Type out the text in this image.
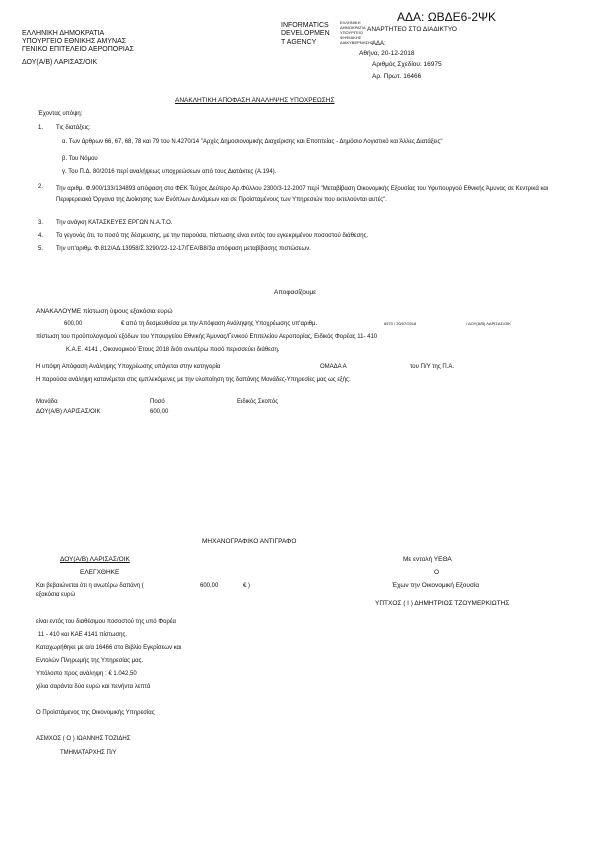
ΕΛΛΗΝΙΚΗ ΔΗΜΟΚΡΑΤΙΑ
ΥΠΟΥΡΓΕΙΟ ΕΘΝΙΚΗΣ ΑΜΥΝΑΣ
ΓΕΝΙΚΟ ΕΠΙΤΕΛΕΙΟ ΑΕΡΟΠΟΡΙΑΣ
ΔΟΥ(Α/Β) ΛΑΡΙΣΑΣ/ΟΙΚ
ΑΔΑ: ΩΒΔΕ6-2ΨΚ
INFORMATICS
DEVELOPMEN
T AGENCY
ΕΛΛΗΝΙΚΗ
ΔΗΜΟΚΡΑΤΙΑ
ΥΠΟΥΡΓΕΙΟ
ΨΗΦΙΑΚΗΣ
ΔΙΑΚΥΒΕΡΝΗΣΗΣ
ΑΝΑΡΤΗΤΕΟ ΣΤΟ ΔΙΑΔΙΚΤΥΟ
ΑΔΑ:
Αθήνα, 20-12-2018
Αριθμός Σχεδίου: 16975
Αρ. Πρωτ. 16466
ΑΝΑΚΛΗΤΙΚΗ ΑΠΟΦΑΣΗ ΑΝΑΛΗΨΗΣ ΥΠΟΧΡΕΩΣΗΣ
Έχοντας υπόψη:
1. Τις διατάξεις:
α. Των άρθρων 66, 67, 68, 78 και 79 του Ν.4270/14 "Αρχές Δημοσιονομικής Διαχείρισης και Εποπτείας - Δημόσιο Λογιστικό και Άλλες Διατάξεις"
β. Του Νόμου
γ. Του Π.Δ. 80/2016 περί αναλήψεως υποχρεώσεων από τους Διατάκτες (Α.194).
2. Την αριθμ. Φ.900/133/134893 απόφαση στο ΦΕΚ Τεύχος Δεύτερο Αρ.Φύλλου 2300/3-12-2007 περί "Μεταβίβαση Οικονομικής Εξουσίας του Υφυπουργού Εθνικής Άμυνας σε Κεντρικά και Περιφερειακά Όργανα της Διοίκησης των Ενόπλων Δυνάμεων και σε Προϊσταμένους των Υπηρεσιών που εκτελούνται αυτές".
3. Την ανάγκη ΚΑΤΑΣΚΕΥΕΣ ΕΡΓΩΝ Ν.Α.Τ.Ο.
4. Το γεγονός ότι, το ποσό της δέσμευσης, με την παρούσα, πίστωσης είναι εντός του εγκεκριμένου ποσοστού διάθεσης.
5. Την υπ'αριθμ. Φ.812/ΑΔ.13958/Σ.3290/22-12-17/ΓΕΑ/Β8/3α απόφαση μεταβίβασης πιστώσεων.
Αποφασίζουμε
ΑΝΑΚΑΛΟΥΜΕ πίστωση ύψους εξακόσια ευρώ
600,00	€ από τη δεσμευθείσα με την Απόφαση Ανάληψης Υποχρέωσης υπ'αριθμ.	6570 / 20/07/2018	/ ΔΟΥ(Α/Β) ΛΑΡΙΣΑΣ/ΟΙΚ
πίστωση του προϋπολογισμού εξόδων του Υπουργείου Εθνικής Άμυνας/Γενικού Επιτελείου Αεροπορίας, Ειδικός Φορέας 11- 410
Κ.Α.Ε. 4141 , Οικονομικού Έτους 2018 διότι ανωτέρω ποσό περισσεύει διάθεση.
Η υπόψη Απόφαση Ανάληψης Υποχρέωσης υπάγεται στην κατηγορία	ΟΜΑΔΑ Α	του Π/Υ της Π.Α.
Η παρούσα ανάληψη κατανέμεται στις εμπλεκόμενες με την υλοποίηση της δαπάνης Μονάδες-Υπηρεσίες μας ως εξής:
Μονάδα	Ποσό	Ειδικός Σκοπός
ΔΟΥ(Α/Β) ΛΑΡΙΣΑΣ/ΟΙΚ	600,00
ΜΗΧΑΝΟΓΡΑΦΙΚΟ ΑΝΤΙΓΡΑΦΟ
ΔΟΥ(Α/Β) ΛΑΡΙΣΑΣ/ΟΙΚ
ΕΛΕΓΧΘΗΚΕ
Και βεβαιώνεται ότι η ανωτέρω δαπάνη (	600,00	€ )
εξακόσια ευρώ
είναι εντός του διαθέσιμου ποσοστού της υπό Φορέα
11 - 410 και ΚΑΕ 4141 πίστωσης.
Καταχωρήθηκε με α/α 16466 στο Βιβλίο Εγκρίσεων και
Εντολών Πληρωμής της Υπηρεσίας μας.
Υπόλοιπο προς ανάληψη : € 1.042,50
χίλια σαράντα δύο ευρώ και πενήντα λεπτά
Ο Προϊστάμενος της Οικονομικής Υπηρεσίας
ΑΣΜΧΟΣ ( Ο ) ΙΩΑΝΝΗΣ ΤΟΖΙΔΗΣ
ΤΜΗΜΑΤΑΡΧΗΣ Π/Υ
Με εντολή ΥΕΘΑ
Ο
Έχων την Οικονομική Εξουσία
ΥΠΤΧΟΣ ( Ι ) ΔΗΜΗΤΡΙΟΣ ΤΖΟΥΜΕΡΚΙΩΤΗΣ
